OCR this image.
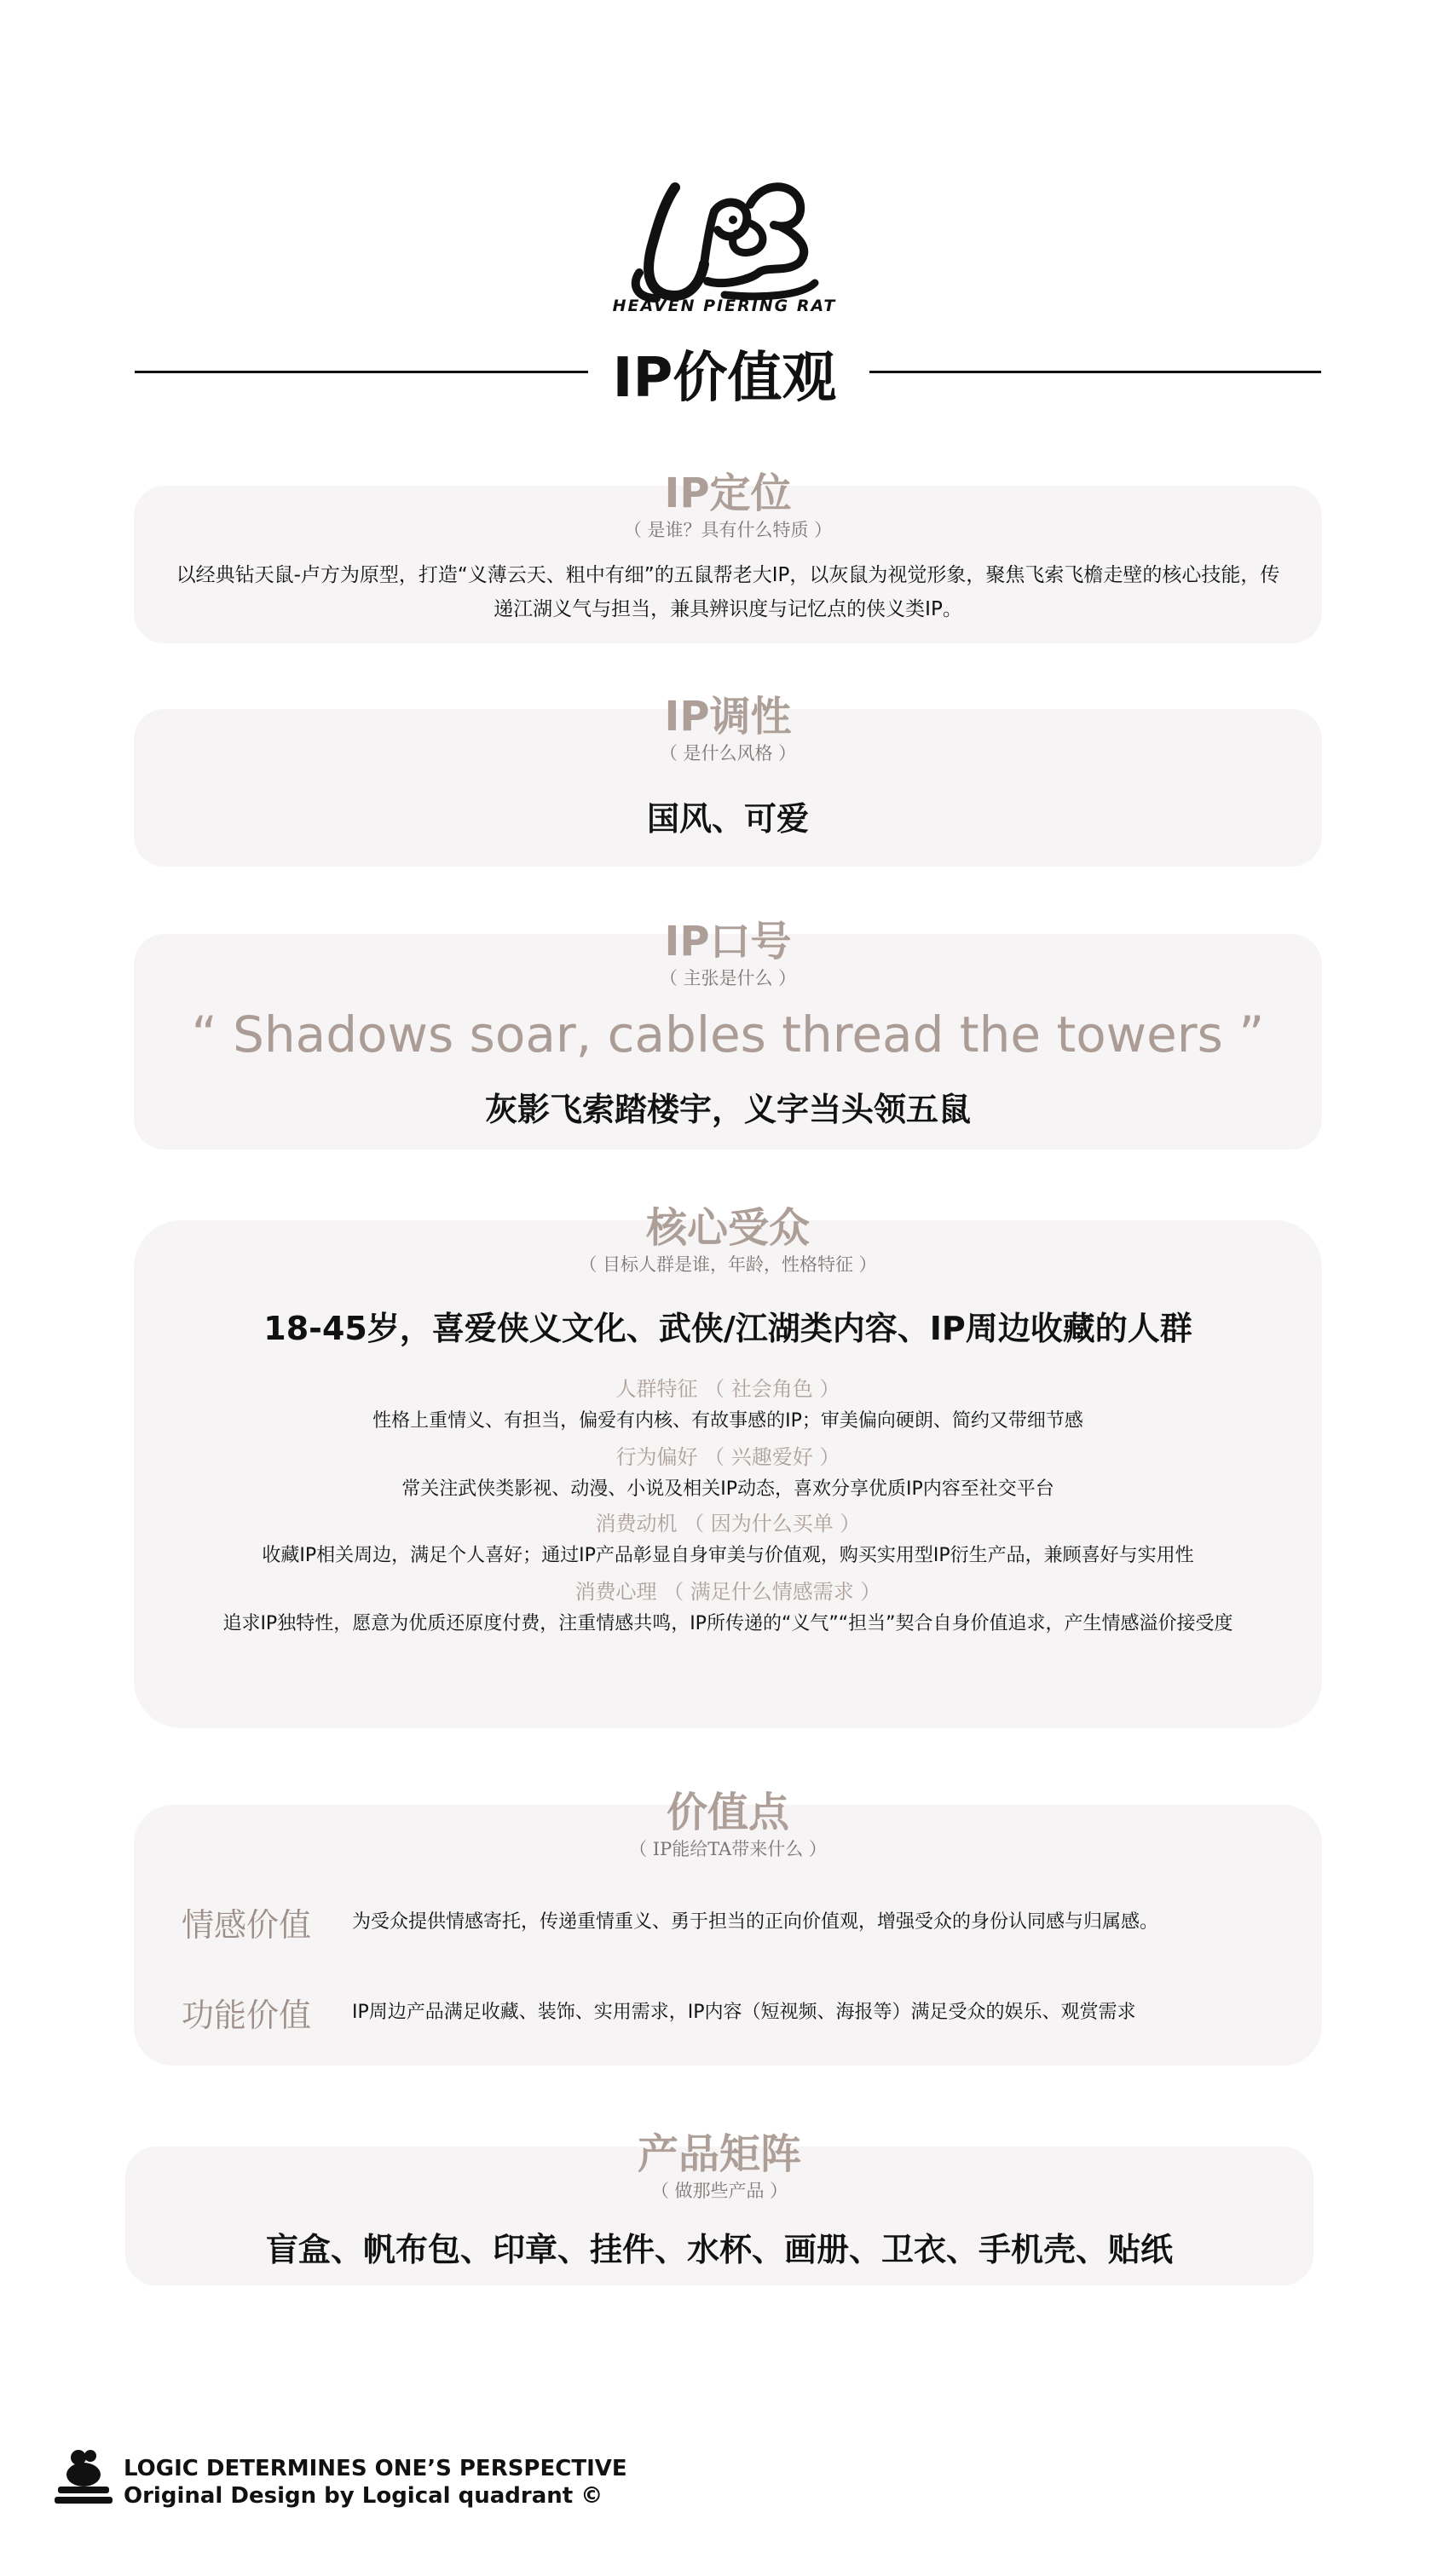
HEAVEN PIERING RAT
IP价值观
IP定位
（ 是谁？具有什么特质 ）
以经典钻天鼠-卢方为原型，打造“义薄云天、粗中有细”的五鼠帮老大IP，以灰鼠为视觉形象，聚焦飞索飞檐走壁的核心技能，传
递江湖义气与担当，兼具辨识度与记忆点的侠义类IP。
IP调性
（ 是什么风格 ）
国风、可爱
IP口号
（ 主张是什么 ）
“ Shadows soar, cables thread the towers ”
灰影飞索踏楼宇，义字当头领五鼠
核心受众
（ 目标人群是谁，年龄，性格特征 ）
18-45岁，喜爱侠义文化、武侠/江湖类内容、IP周边收藏的人群
人群特征 （ 社会角色 ）
性格上重情义、有担当，偏爱有内核、有故事感的IP；审美偏向硬朗、简约又带细节感
行为偏好 （ 兴趣爱好 ）
常关注武侠类影视、动漫、小说及相关IP动态，喜欢分享优质IP内容至社交平台
消费动机 （ 因为什么买单 ）
收藏IP相关周边，满足个人喜好；通过IP产品彰显自身审美与价值观，购买实用型IP衍生产品，兼顾喜好与实用性
消费心理 （ 满足什么情感需求 ）
追求IP独特性，愿意为优质还原度付费，注重情感共鸣，IP所传递的“义气”“担当”契合自身价值追求，产生情感溢价接受度
价值点
（ IP能给TA带来什么 ）
情感价值 为受众提供情感寄托，传递重情重义、勇于担当的正向价值观，增强受众的身份认同感与归属感。
功能价值 IP周边产品满足收藏、装饰、实用需求，IP内容（短视频、海报等）满足受众的娱乐、观赏需求
产品矩阵
（ 做那些产品 ）
盲盒、帆布包、印章、挂件、水杯、画册、卫衣、手机壳、贴纸
LOGIC DETERMINES ONE’S PERSPECTIVE
Original Design by Logical quadrant ©
